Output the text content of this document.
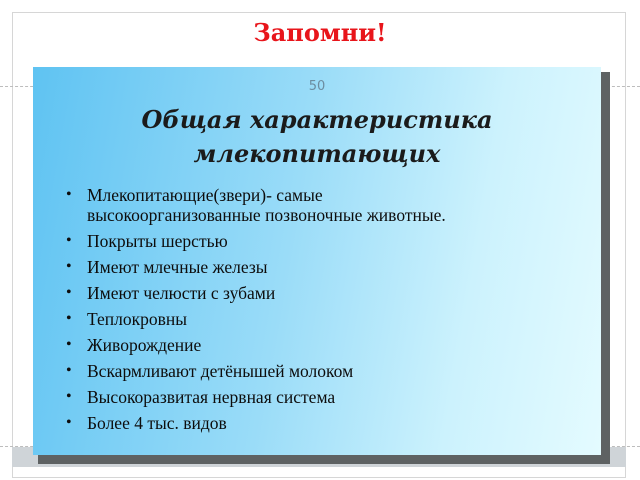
Запомни!
50
Общая характеристика
млекопитающих
• Млекопитающие(звери)- самые высокоорганизованные позвоночные животные.
• Покрыты шерстью
• Имеют млечные железы
• Имеют челюсти с зубами
• Теплокровны
• Живорождение
• Вскармливают детёнышей молоком
• Высокоразвитая нервная система
• Более 4 тыс. видов
